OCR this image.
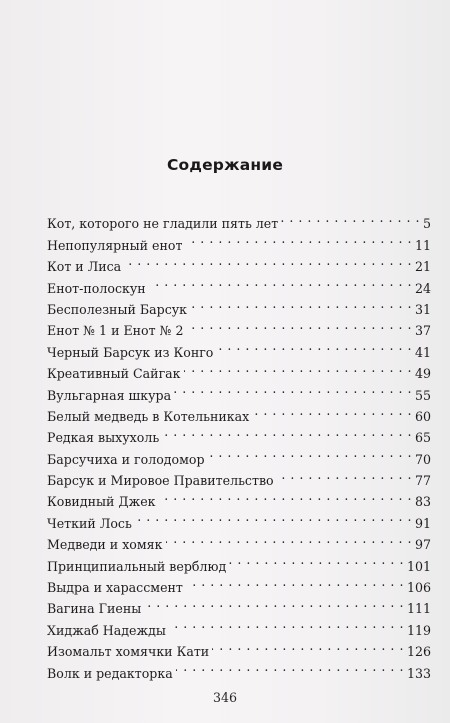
Содержание
Кот, которого не гладили пять лет . . .	5
Непопулярный енот . . .	11
Кот и Лиса . . .	21
Енот-полоскун . . .	24
Бесполезный Барсук . . .	31
Енот № 1 и Енот № 2 . . .	37
Черный Барсук из Конго . . .	41
Креативный Сайгак . . .	49
Вульгарная шкура . . .	55
Белый медведь в Котельниках . . .	60
Редкая выхухоль . . .	65
Барсучиха и голодомор . . .	70
Барсук и Мировое Правительство . . .	77
Ковидный Джек . . .	83
Четкий Лось . . .	91
Медведи и хомяк . . .	97
Принципиальный верблюд . . .	101
Выдра и харассмент . . .	106
Вагина Гиены . . .	111
Хиджаб Надежды . . .	119
Изомальт хомячки Кати . . .	126
Волк и редакторка . . .	133
346
